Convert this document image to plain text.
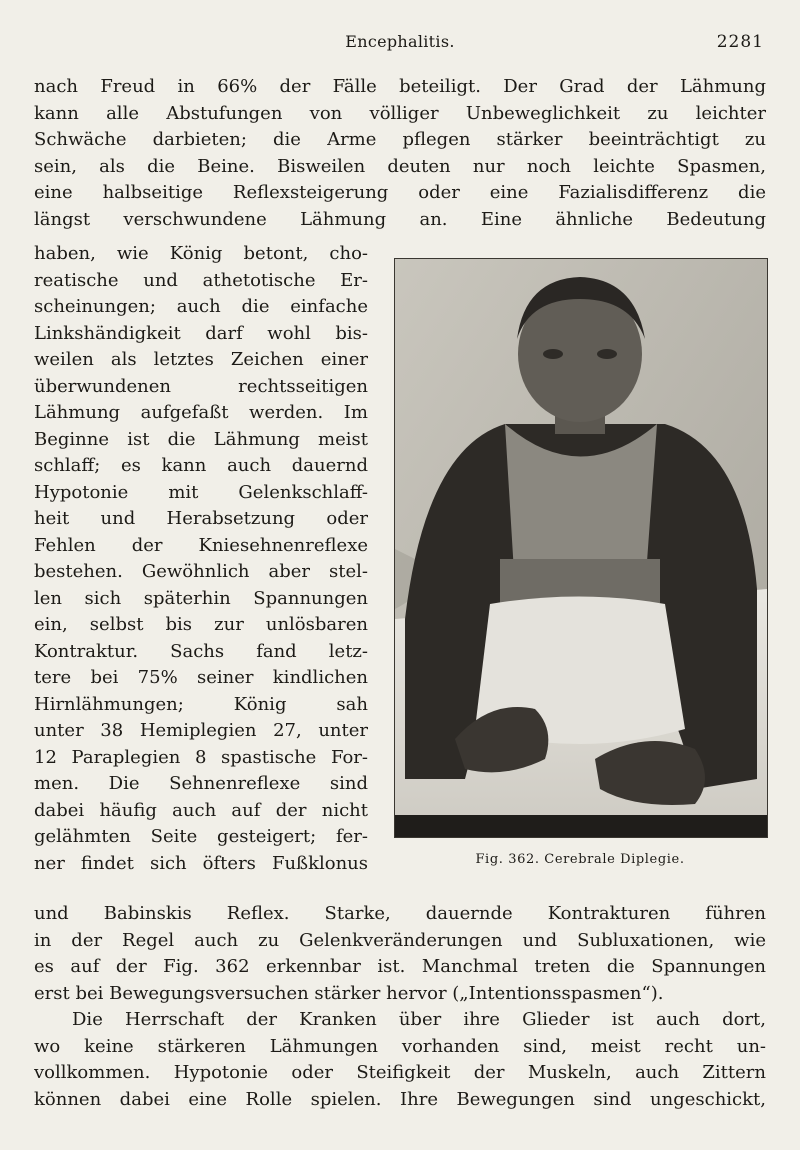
Encephalitis.	2281
nach Freud in 66% der Fälle beteiligt. Der Grad der Lähmung
kann alle Abstufungen von völliger Unbeweglichkeit zu leichter
Schwäche darbieten; die Arme pflegen stärker beeinträchtigt zu
sein, als die Beine. Bisweilen deuten nur noch leichte Spasmen,
eine halbseitige Reflexsteigerung oder eine Fazialisdifferenz die
längst verschwundene Lähmung an. Eine ähnliche Bedeutung
haben, wie König betont, cho-
reatische und athetotische Er-
scheinungen; auch die einfache
Linkshändigkeit darf wohl bis-
weilen als letztes Zeichen einer
überwundenen rechtsseitigen
Lähmung aufgefaßt werden. Im
Beginne ist die Lähmung meist
schlaff; es kann auch dauernd
Hypotonie mit Gelenkschlaff-
heit und Herabsetzung oder
Fehlen der Kniesehnenreflexe
bestehen. Gewöhnlich aber stel-
len sich späterhin Spannungen
ein, selbst bis zur unlösbaren
Kontraktur. Sachs fand letz-
tere bei 75% seiner kindlichen
Hirnlähmungen; König sah
unter 38 Hemiplegien 27, unter
12 Paraplegien 8 spastische For-
men. Die Sehnenreflexe sind
dabei häufig auch auf der nicht
gelähmten Seite gesteigert; fer-
ner findet sich öfters Fußklonus	Fig. 362. Cerebrale Diplegie.
und Babinskis Reflex. Starke, dauernde Kontrakturen führen
in der Regel auch zu Gelenkveränderungen und Subluxationen, wie
es auf der Fig. 362 erkennbar ist. Manchmal treten die Spannungen
erst bei Bewegungsversuchen stärker hervor („Intentionsspasmen“).
Die Herrschaft der Kranken über ihre Glieder ist auch dort,
wo keine stärkeren Lähmungen vorhanden sind, meist recht un-
vollkommen. Hypotonie oder Steifigkeit der Muskeln, auch Zittern
können dabei eine Rolle spielen. Ihre Bewegungen sind ungeschickt,
